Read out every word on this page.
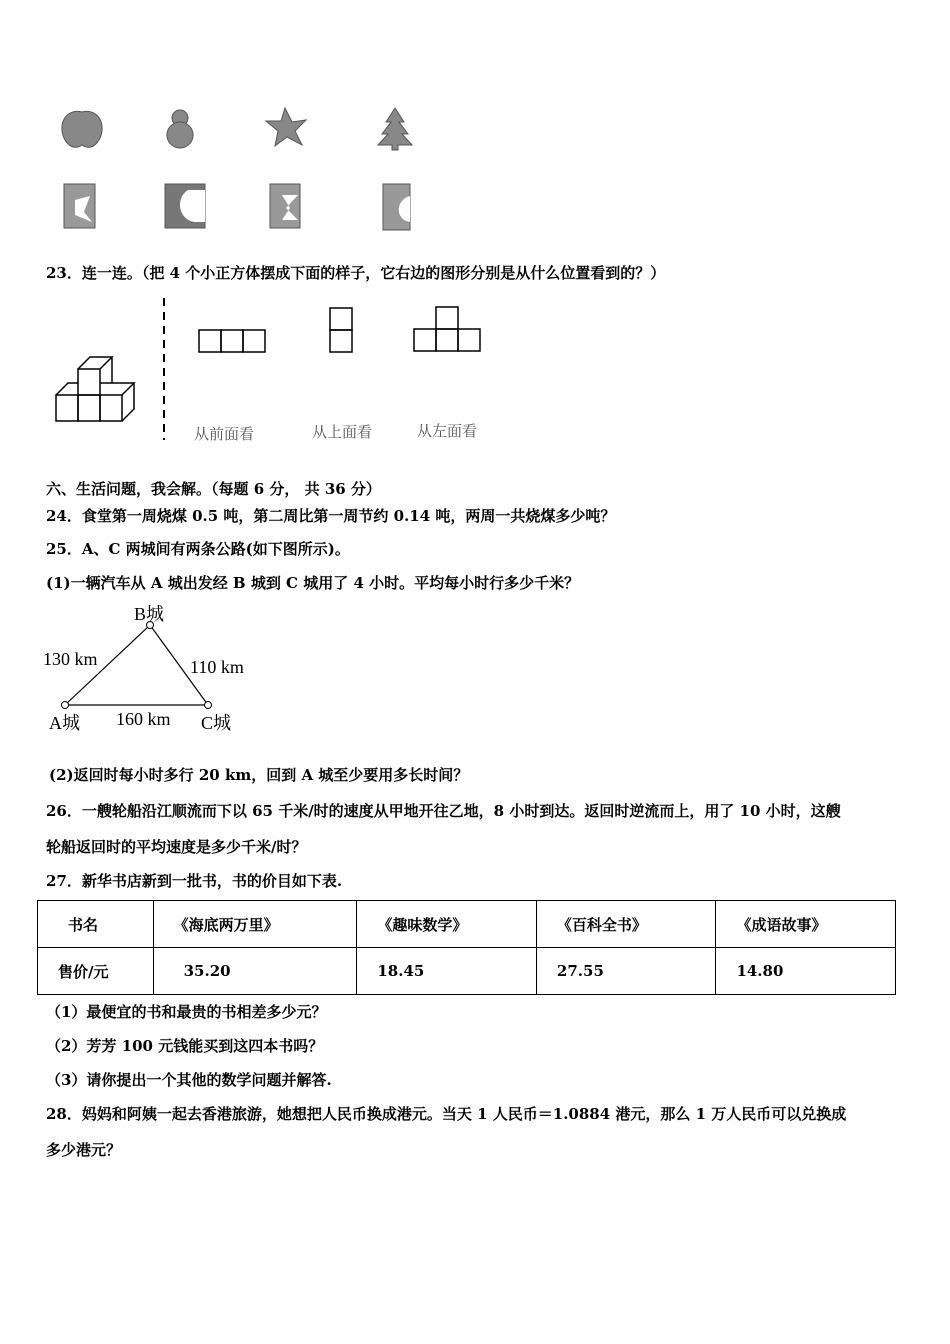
23．连一连。（把 4 个小正方体摆成下面的样子，它右边的图形分别是从什么位置看到的？）
从前面看	从上面看	从左面看
六、生活问题，我会解。（每题 6 分， 共 36 分）
24．食堂第一周烧煤 0.5 吨，第二周比第一周节约 0.14 吨，两周一共烧煤多少吨？
25．A、C 两城间有两条公路(如下图所示)。
(1)一辆汽车从 A 城出发经 B 城到 C 城用了 4 小时。平均每小时行多少千米？
B城
130 km	110 km
A城 160 km C城
(2)返回时每小时多行 20 km，回到 A 城至少要用多长时间？
26．一艘轮船沿江顺流而下以 65 千米/时的速度从甲地开往乙地，8 小时到达。返回时逆流而上，用了 10 小时，这艘
轮船返回时的平均速度是多少千米/时？
27．新华书店新到一批书，书的价目如下表.
书名	《海底两万里》	《趣味数学》	《百科全书》	《成语故事》
售价/元	35.20	18.45	27.55	14.80
（1）最便宜的书和最贵的书相差多少元？
（2）芳芳 100 元钱能买到这四本书吗？
（3）请你提出一个其他的数学问题并解答.
28．妈妈和阿姨一起去香港旅游，她想把人民币换成港元。当天 1 人民币＝1.0884 港元，那么 1 万人民币可以兑换成
多少港元？
